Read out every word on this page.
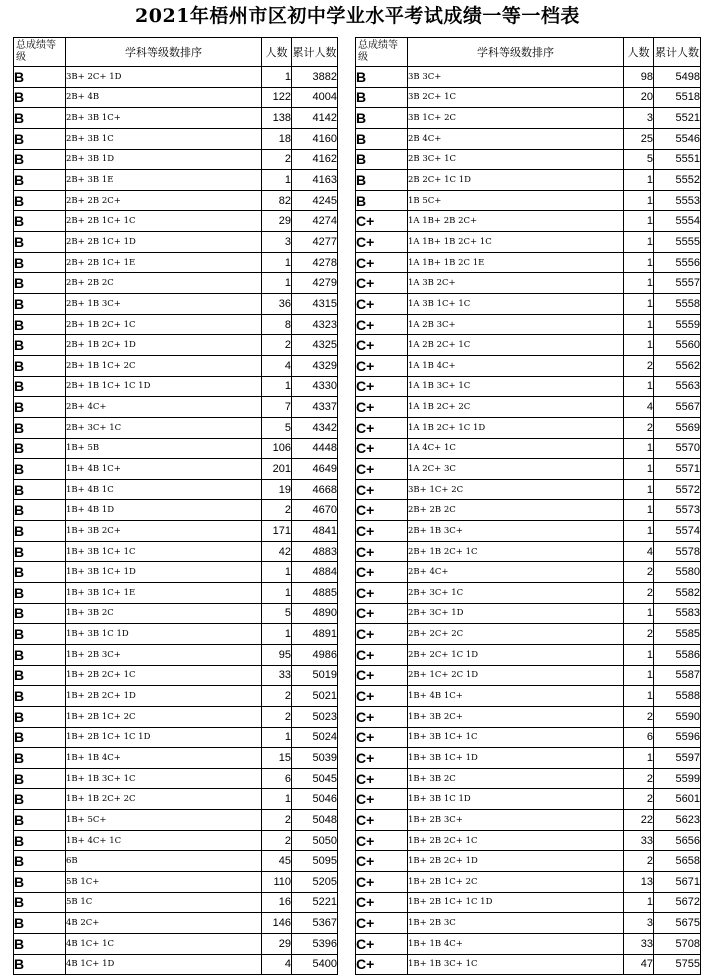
2021年梧州市区初中学业水平考试成绩一等一档表
总成绩等级	学科等级数排序	人数	累计人数
B	3B+ 2C+ 1D	1	3882
B	2B+ 4B	122	4004
B	2B+ 3B 1C+	138	4142
B	2B+ 3B 1C	18	4160
B	2B+ 3B 1D	2	4162
B	2B+ 3B 1E	1	4163
B	2B+ 2B 2C+	82	4245
B	2B+ 2B 1C+ 1C	29	4274
B	2B+ 2B 1C+ 1D	3	4277
B	2B+ 2B 1C+ 1E	1	4278
B	2B+ 2B 2C	1	4279
B	2B+ 1B 3C+	36	4315
B	2B+ 1B 2C+ 1C	8	4323
B	2B+ 1B 2C+ 1D	2	4325
B	2B+ 1B 1C+ 2C	4	4329
B	2B+ 1B 1C+ 1C 1D	1	4330
B	2B+ 4C+	7	4337
B	2B+ 3C+ 1C	5	4342
B	1B+ 5B	106	4448
B	1B+ 4B 1C+	201	4649
B	1B+ 4B 1C	19	4668
B	1B+ 4B 1D	2	4670
B	1B+ 3B 2C+	171	4841
B	1B+ 3B 1C+ 1C	42	4883
B	1B+ 3B 1C+ 1D	1	4884
B	1B+ 3B 1C+ 1E	1	4885
B	1B+ 3B 2C	5	4890
B	1B+ 3B 1C 1D	1	4891
B	1B+ 2B 3C+	95	4986
B	1B+ 2B 2C+ 1C	33	5019
B	1B+ 2B 2C+ 1D	2	5021
B	1B+ 2B 1C+ 2C	2	5023
B	1B+ 2B 1C+ 1C 1D	1	5024
B	1B+ 1B 4C+	15	5039
B	1B+ 1B 3C+ 1C	6	5045
B	1B+ 1B 2C+ 2C	1	5046
B	1B+ 5C+	2	5048
B	1B+ 4C+ 1C	2	5050
B	6B	45	5095
B	5B 1C+	110	5205
B	5B 1C	16	5221
B	4B 2C+	146	5367
B	4B 1C+ 1C	29	5396
B	4B 1C+ 1D	4	5400
总成绩等级	学科等级数排序	人数	累计人数
B	3B 3C+	98	5498
B	3B 2C+ 1C	20	5518
B	3B 1C+ 2C	3	5521
B	2B 4C+	25	5546
B	2B 3C+ 1C	5	5551
B	2B 2C+ 1C 1D	1	5552
B	1B 5C+	1	5553
C+	1A 1B+ 2B 2C+	1	5554
C+	1A 1B+ 1B 2C+ 1C	1	5555
C+	1A 1B+ 1B 2C 1E	1	5556
C+	1A 3B 2C+	1	5557
C+	1A 3B 1C+ 1C	1	5558
C+	1A 2B 3C+	1	5559
C+	1A 2B 2C+ 1C	1	5560
C+	1A 1B 4C+	2	5562
C+	1A 1B 3C+ 1C	1	5563
C+	1A 1B 2C+ 2C	4	5567
C+	1A 1B 2C+ 1C 1D	2	5569
C+	1A 4C+ 1C	1	5570
C+	1A 2C+ 3C	1	5571
C+	3B+ 1C+ 2C	1	5572
C+	2B+ 2B 2C	1	5573
C+	2B+ 1B 3C+	1	5574
C+	2B+ 1B 2C+ 1C	4	5578
C+	2B+ 4C+	2	5580
C+	2B+ 3C+ 1C	2	5582
C+	2B+ 3C+ 1D	1	5583
C+	2B+ 2C+ 2C	2	5585
C+	2B+ 2C+ 1C 1D	1	5586
C+	2B+ 1C+ 2C 1D	1	5587
C+	1B+ 4B 1C+	1	5588
C+	1B+ 3B 2C+	2	5590
C+	1B+ 3B 1C+ 1C	6	5596
C+	1B+ 3B 1C+ 1D	1	5597
C+	1B+ 3B 2C	2	5599
C+	1B+ 3B 1C 1D	2	5601
C+	1B+ 2B 3C+	22	5623
C+	1B+ 2B 2C+ 1C	33	5656
C+	1B+ 2B 2C+ 1D	2	5658
C+	1B+ 2B 1C+ 2C	13	5671
C+	1B+ 2B 1C+ 1C 1D	1	5672
C+	1B+ 2B 3C	3	5675
C+	1B+ 1B 4C+	33	5708
C+	1B+ 1B 3C+ 1C	47	5755
